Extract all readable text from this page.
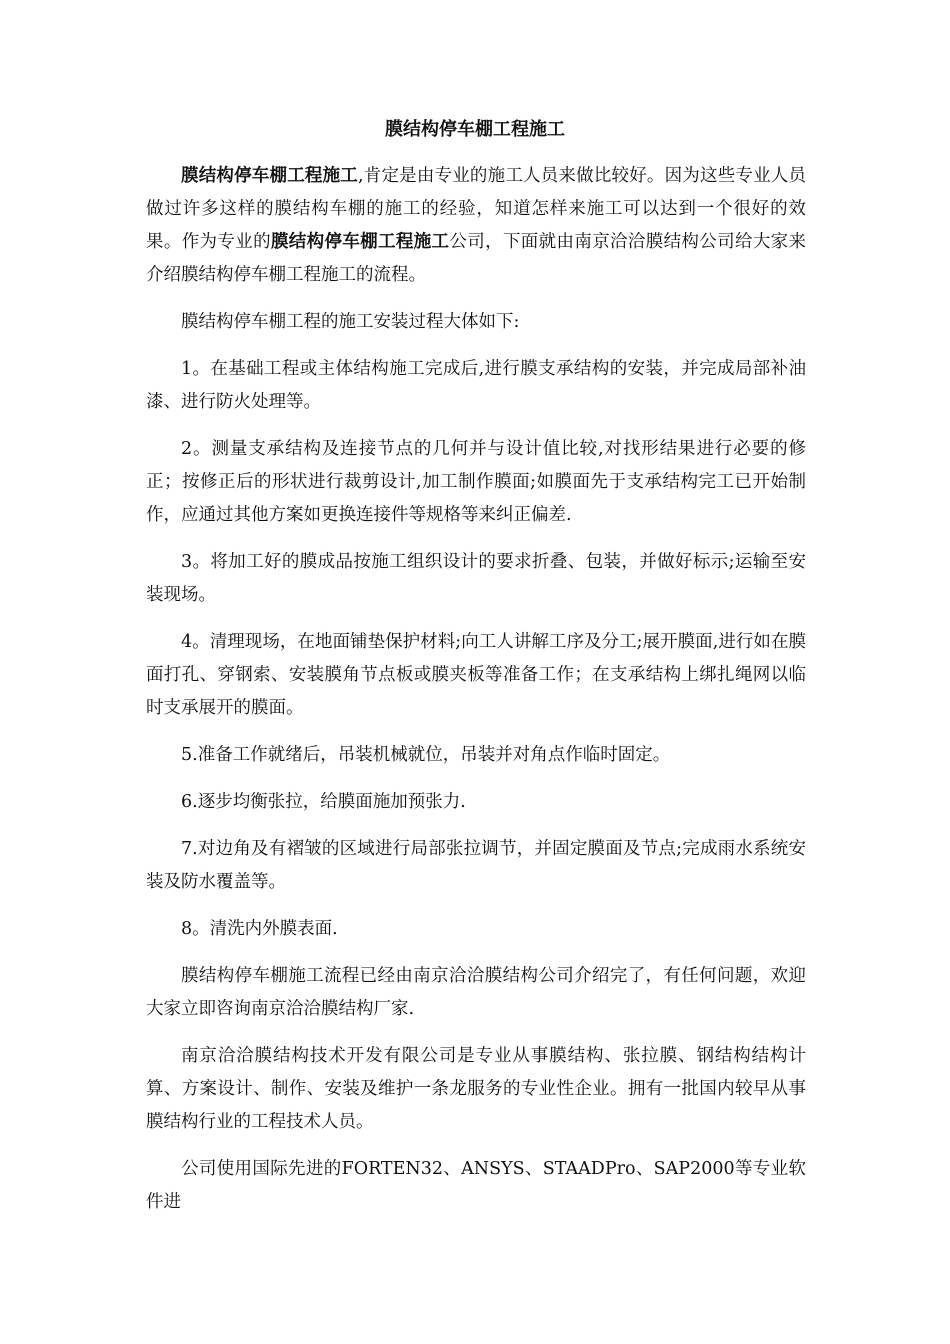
膜结构停车棚工程施工

膜结构停车棚工程施工,肯定是由专业的施工人员来做比较好。因为这些专业人员做过许多这样的膜结构车棚的施工的经验，知道怎样来施工可以达到一个很好的效果。作为专业的膜结构停车棚工程施工公司，下面就由南京洽洽膜结构公司给大家来介绍膜结构停车棚工程施工的流程。

膜结构停车棚工程的施工安装过程大体如下:

1。在基础工程或主体结构施工完成后,进行膜支承结构的安装，并完成局部补油漆、进行防火处理等。

2。测量支承结构及连接节点的几何并与设计值比较,对找形结果进行必要的修正；按修正后的形状进行裁剪设计,加工制作膜面;如膜面先于支承结构完工已开始制作，应通过其他方案如更换连接件等规格等来纠正偏差.

3。将加工好的膜成品按施工组织设计的要求折叠、包装，并做好标示;运输至安装现场。

4。清理现场，在地面铺垫保护材料;向工人讲解工序及分工;展开膜面,进行如在膜面打孔、穿钢索、安装膜角节点板或膜夹板等准备工作；在支承结构上绑扎绳网以临时支承展开的膜面。

5.准备工作就绪后，吊装机械就位，吊装并对角点作临时固定。

6.逐步均衡张拉，给膜面施加预张力.

7.对边角及有褶皱的区域进行局部张拉调节，并固定膜面及节点;完成雨水系统安装及防水覆盖等。

8。清洗内外膜表面.

膜结构停车棚施工流程已经由南京洽洽膜结构公司介绍完了，有任何问题，欢迎大家立即咨询南京洽洽膜结构厂家.

南京洽洽膜结构技术开发有限公司是专业从事膜结构、张拉膜、钢结构结构计算、方案设计、制作、安装及维护一条龙服务的专业性企业。拥有一批国内较早从事膜结构行业的工程技术人员。

公司使用国际先进的FORTEN32、ANSYS、STAADPro、SAP2000等专业软件进
